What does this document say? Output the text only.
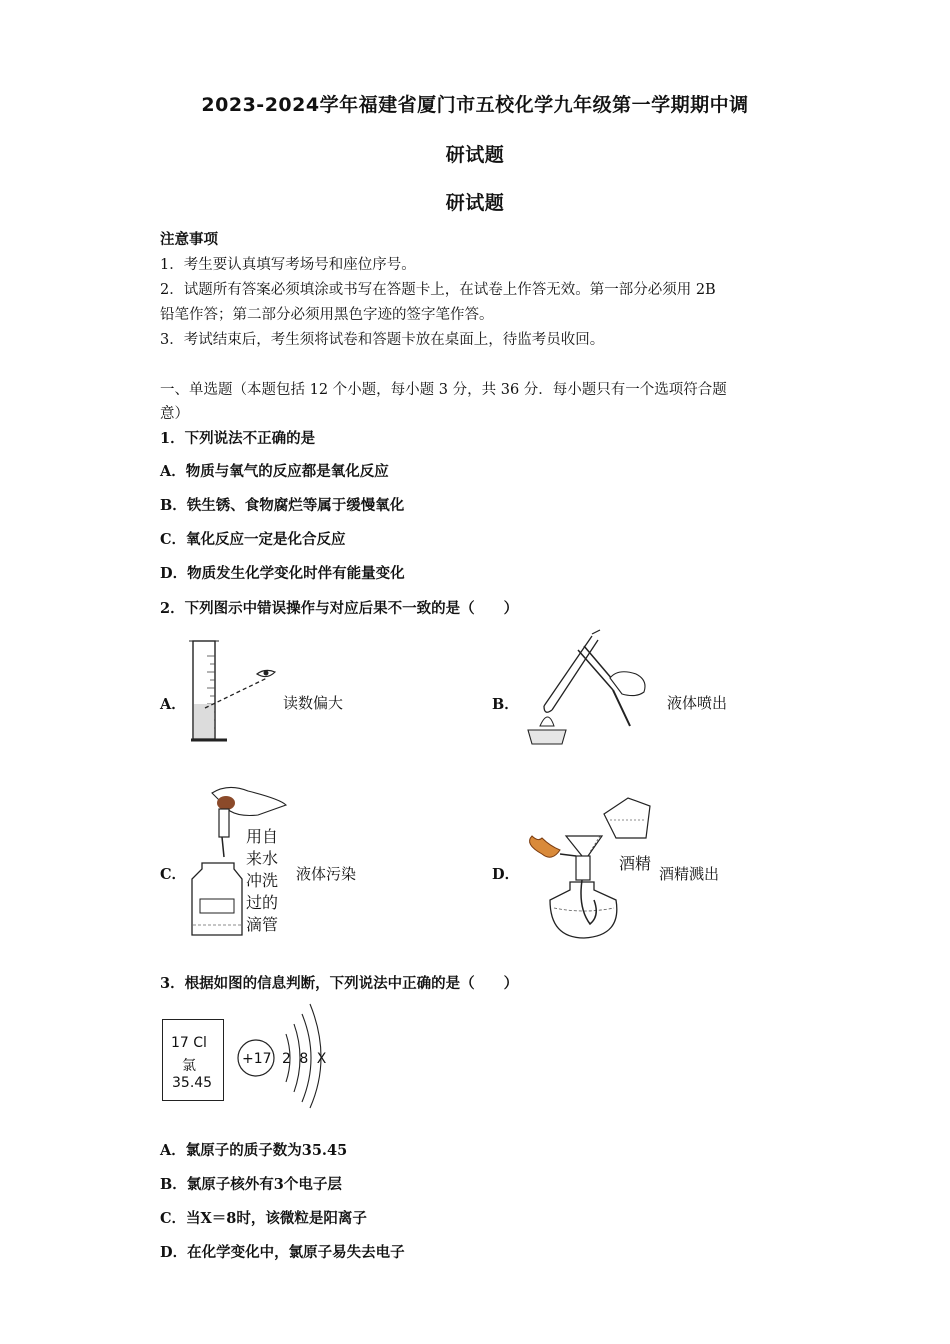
2023-2024学年福建省厦门市五校化学九年级第一学期期中调
研试题
研试题
注意事项
1．考生要认真填写考场号和座位序号。
2．试题所有答案必须填涂或书写在答题卡上，在试卷上作答无效。第一部分必须用 2B
铅笔作答；第二部分必须用黑色字迹的签字笔作答。
3．考试结束后，考生须将试卷和答题卡放在桌面上，待监考员收回。
一、单选题（本题包括 12 个小题，每小题 3 分，共 36 分．每小题只有一个选项符合题
意）
1．下列说法不正确的是
A．物质与氧气的反应都是氧化反应
B．铁生锈、食物腐烂等属于缓慢氧化
C．氧化反应一定是化合反应
D．物质发生化学变化时伴有能量变化
2．下列图示中错误操作与对应后果不一致的是（　　）
A．	读数偏大	B．	液体喷出
C．
用自
来水
冲洗
过的
滴管
液体污染	D．
酒精
酒精溅出
3．根据如图的信息判断，下列说法中正确的是（　　）
17 Cl
氯
35.45
+17 2 8 X
A．氯原子的质子数为35.45
B．氯原子核外有3个电子层
C．当X＝8时，该微粒是阳离子
D．在化学变化中，氯原子易失去电子
